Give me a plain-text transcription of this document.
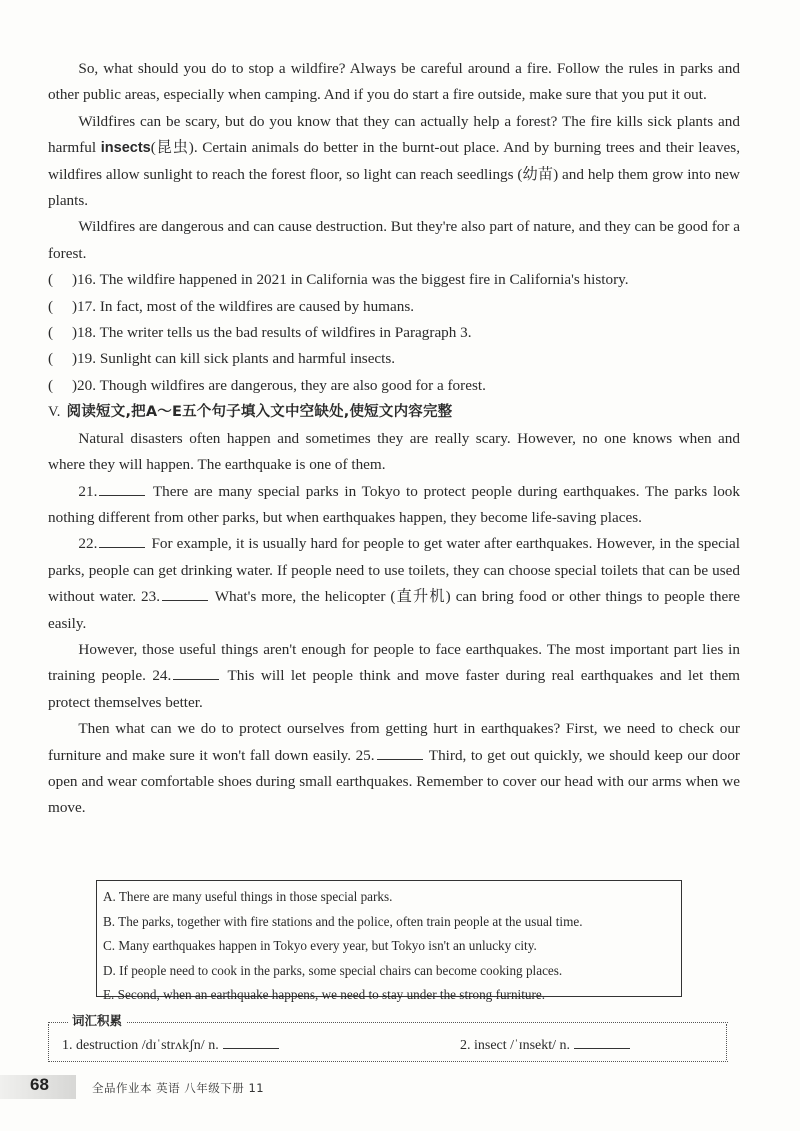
So, what should you do to stop a wildfire? Always be careful around a fire. Follow the rules in parks and other public areas, especially when camping. And if you do start a fire outside, make sure that you put it out.

Wildfires can be scary, but do you know that they can actually help a forest? The fire kills sick plants and harmful insects(昆虫). Certain animals do better in the burnt-out place. And by burning trees and their leaves, wildfires allow sunlight to reach the forest floor, so light can reach seedlings (幼苗) and help them grow into new plants.

Wildfires are dangerous and can cause destruction. But they're also part of nature, and they can be good for a forest.

( )16. The wildfire happened in 2021 in California was the biggest fire in California's history.
( )17. In fact, most of the wildfires are caused by humans.
( )18. The writer tells us the bad results of wildfires in Paragraph 3.
( )19. Sunlight can kill sick plants and harmful insects.
( )20. Though wildfires are dangerous, they are also good for a forest.
V. 阅读短文,把A～E五个句子填入文中空缺处,使短文内容完整

Natural disasters often happen and sometimes they are really scary. However, no one knows when and where they will happen. The earthquake is one of them.

21.	There are many special parks in Tokyo to protect people during earthquakes. The parks look nothing different from other parks, but when earthquakes happen, they become life-saving places.

22.	For example, it is usually hard for people to get water after earthquakes. However, in the special parks, people can get drinking water. If people need to use toilets, they can choose special toilets that can be used without water. 23.	What's more, the helicopter (直升机) can bring food or other things to people there easily.

However, those useful things aren't enough for people to face earthquakes. The most important part lies in training people. 24.	This will let people think and move faster during real earthquakes and let them protect themselves better.

Then what can we do to protect ourselves from getting hurt in earthquakes? First, we need to check our furniture and make sure it won't fall down easily. 25.	Third, to get out quickly, we should keep our door open and wear comfortable shoes during small earthquakes. Remember to cover our head with our arms when we move.

A. There are many useful things in those special parks.
B. The parks, together with fire stations and the police, often train people at the usual time.
C. Many earthquakes happen in Tokyo every year, but Tokyo isn't an unlucky city.
D. If people need to cook in the parks, some special chairs can become cooking places.
E. Second, when an earthquake happens, we need to stay under the strong furniture.
词汇积累
1. destruction /dɪˈstrʌkʃn/ n.	2. insect /ˈɪnsekt/ n.
68	全品作业本 英语 八年级下册 11
